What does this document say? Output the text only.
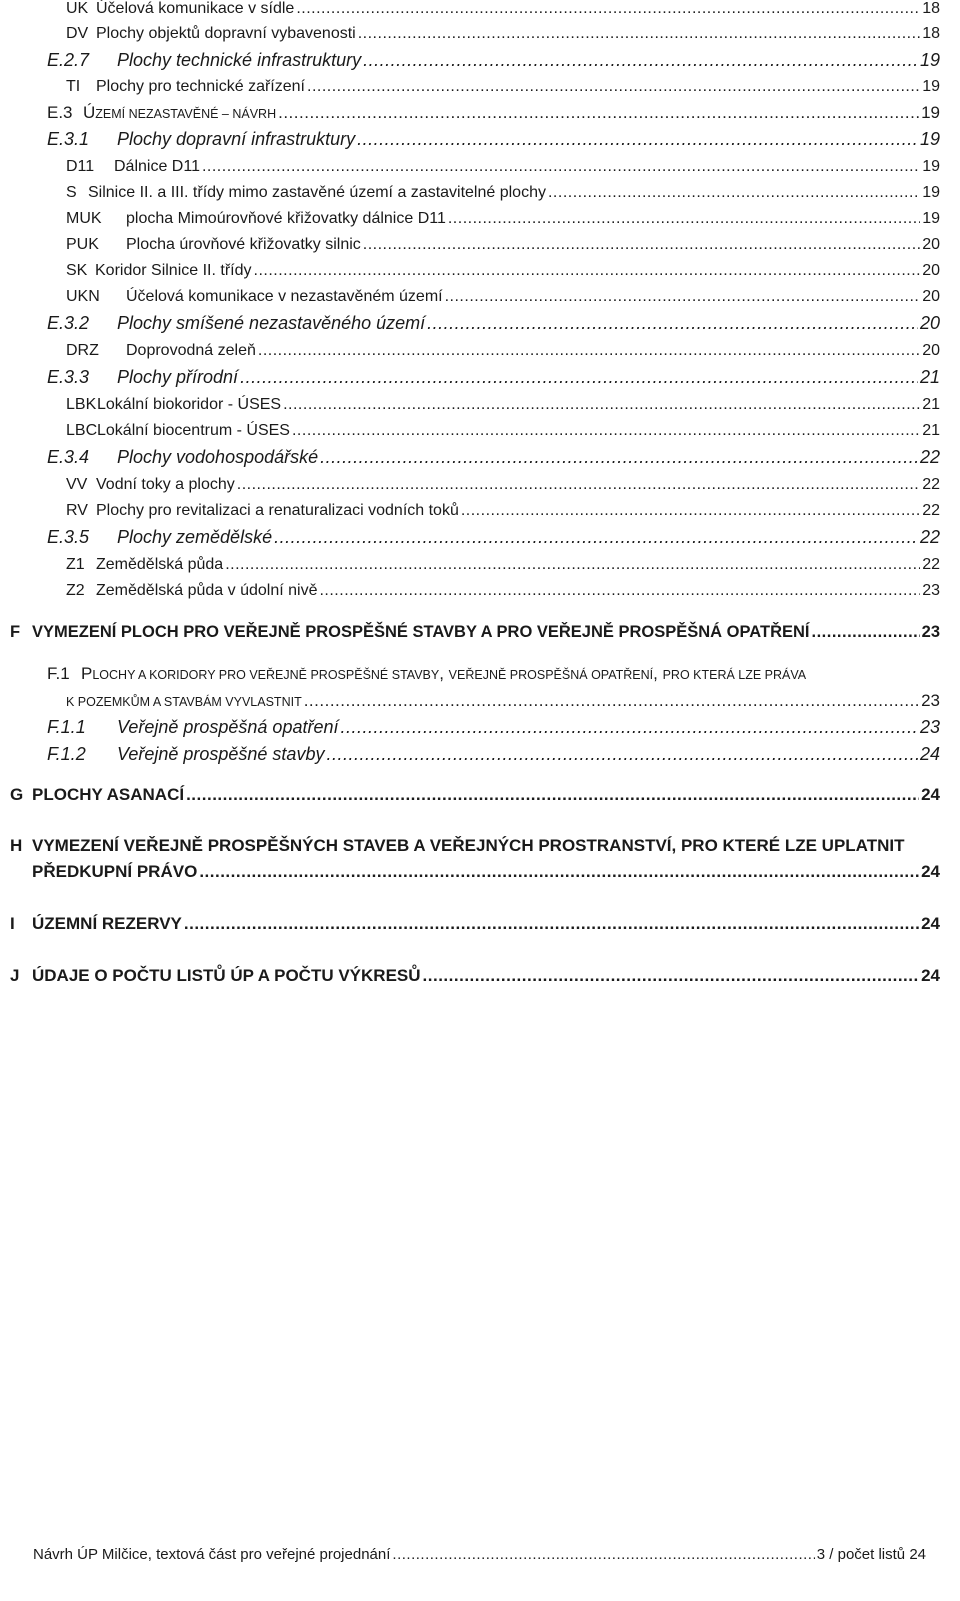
UK Účelová komunikace v sídle .....	18
DV Plochy objektů dopravní vybavenosti .....	18
E.2.7	Plochy technické infrastruktury .....	19
TI Plochy pro technické zařízení .....	19
E.3 ÚZEMÍ NEZASTAVĚNÉ – NÁVRH .....	19
E.3.1	Plochy dopravní infrastruktury .....	19
D11	Dálnice D11 .....	19
S Silnice II. a III. třídy mimo zastavěné území a zastavitelné plochy .....	19
MUK	plocha Mimoúrovňové křižovatky dálnice D11 .....	19
PUK	Plocha úrovňové křižovatky silnic .....	20
SK Koridor Silnice II. třídy .....	20
UKN	Účelová komunikace v nezastavěném území .....	20
E.3.2	Plochy smíšené nezastavěného území .....	20
DRZ	Doprovodná zeleň .....	20
E.3.3	Plochy přírodní .....	21
LBK Lokální biokoridor - ÚSES .....	21
LBC Lokální biocentrum - ÚSES .....	21
E.3.4	Plochy vodohospodářské .....	22
VV Vodní toky a plochy .....	22
RV Plochy pro revitalizaci a renaturalizaci vodních toků .....	22
E.3.5	Plochy zemědělské .....	22
Z1 Zemědělská půda .....	22
Z2 Zemědělská půda v údolní nivě .....	23
F VYMEZENÍ PLOCH PRO VEŘEJNĚ PROSPĚŠNÉ STAVBY A PRO VEŘEJNĚ PROSPĚŠNÁ OPATŘENÍ .....	23
F.1 PLOCHY A KORIDORY PRO VEŘEJNĚ PROSPĚŠNÉ STAVBY, VEŘEJNĚ PROSPĚŠNÁ OPATŘENÍ, PRO KTERÁ LZE PRÁVA
K POZEMKŮM A STAVBÁM VYVLASTNIT .....	23
F.1.1	Veřejně prospěšná opatření .....	23
F.1.2	Veřejně prospěšné stavby .....	24
G PLOCHY ASANACÍ .....	24
H VYMEZENÍ VEŘEJNĚ PROSPĚŠNÝCH STAVEB A VEŘEJNÝCH PROSTRANSTVÍ, PRO KTERÉ LZE UPLATNIT
PŘEDKUPNÍ PRÁVO .....	24
I	ÚZEMNÍ REZERVY .....	24
J ÚDAJE O POČTU LISTŮ ÚP A POČTU VÝKRESŮ .....	24
Návrh ÚP Milčice, textová část pro veřejné projednání .....	3 / počet listů 24
